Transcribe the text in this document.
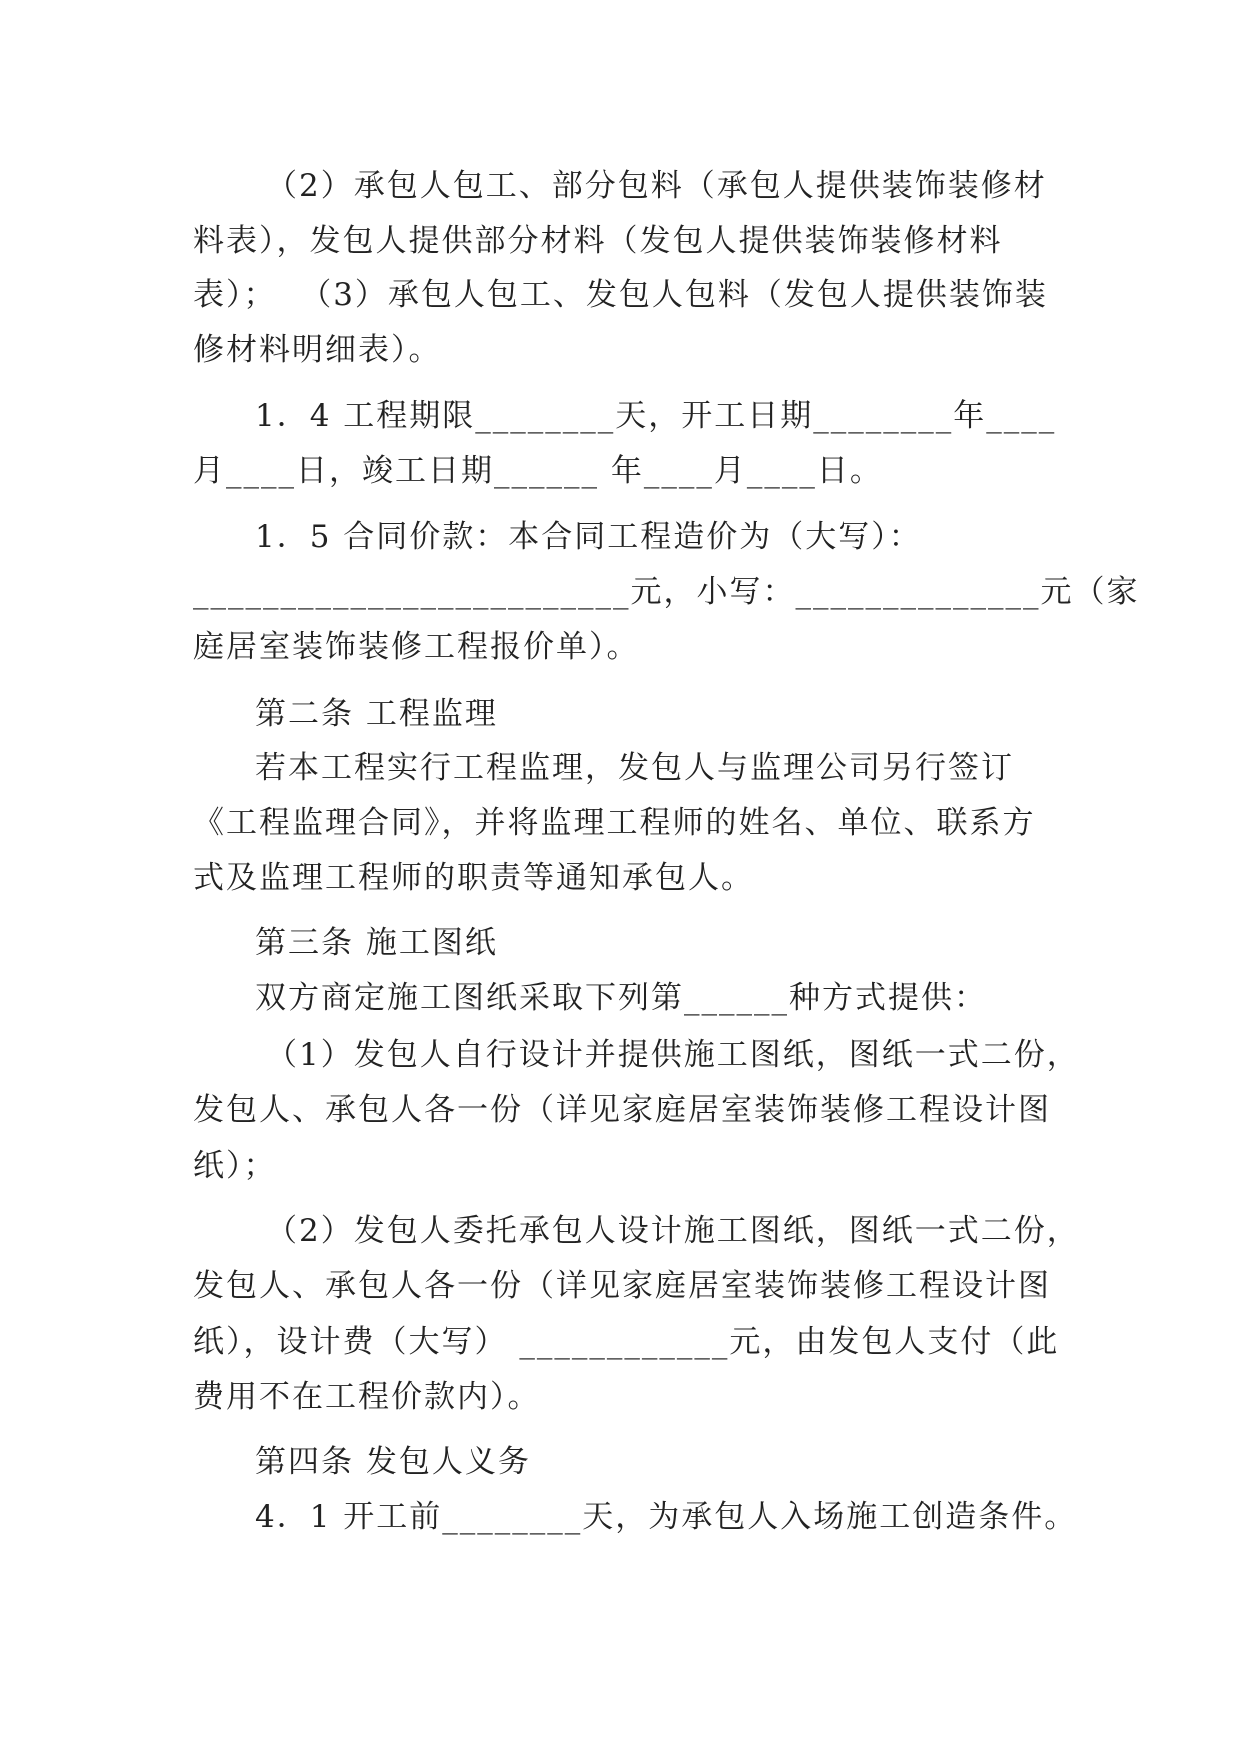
（2）承包人包工、部分包料（承包人提供装饰装修材
料表），发包人提供部分材料（发包人提供装饰装修材料
表）；  （3）承包人包工、发包人包料（发包人提供装饰装
修材料明细表）。
1．4 工程期限________天，开工日期________年____
月____日，竣工日期______ 年____月____日。
1．5 合同价款：本合同工程造价为（大写）：
_________________________元，小写：______________元（家
庭居室装饰装修工程报价单）。
第二条 工程监理
若本工程实行工程监理，发包人与监理公司另行签订
《工程监理合同》，并将监理工程师的姓名、单位、联系方
式及监理工程师的职责等通知承包人。
第三条 施工图纸
双方商定施工图纸采取下列第______种方式提供：
（1）发包人自行设计并提供施工图纸，图纸一式二份，
发包人、承包人各一份（详见家庭居室装饰装修工程设计图
纸）；
（2）发包人委托承包人设计施工图纸，图纸一式二份，
发包人、承包人各一份（详见家庭居室装饰装修工程设计图
纸），设计费（大写） ____________元，由发包人支付（此
费用不在工程价款内）。
第四条 发包人义务
4．1 开工前________天，为承包人入场施工创造条件。
